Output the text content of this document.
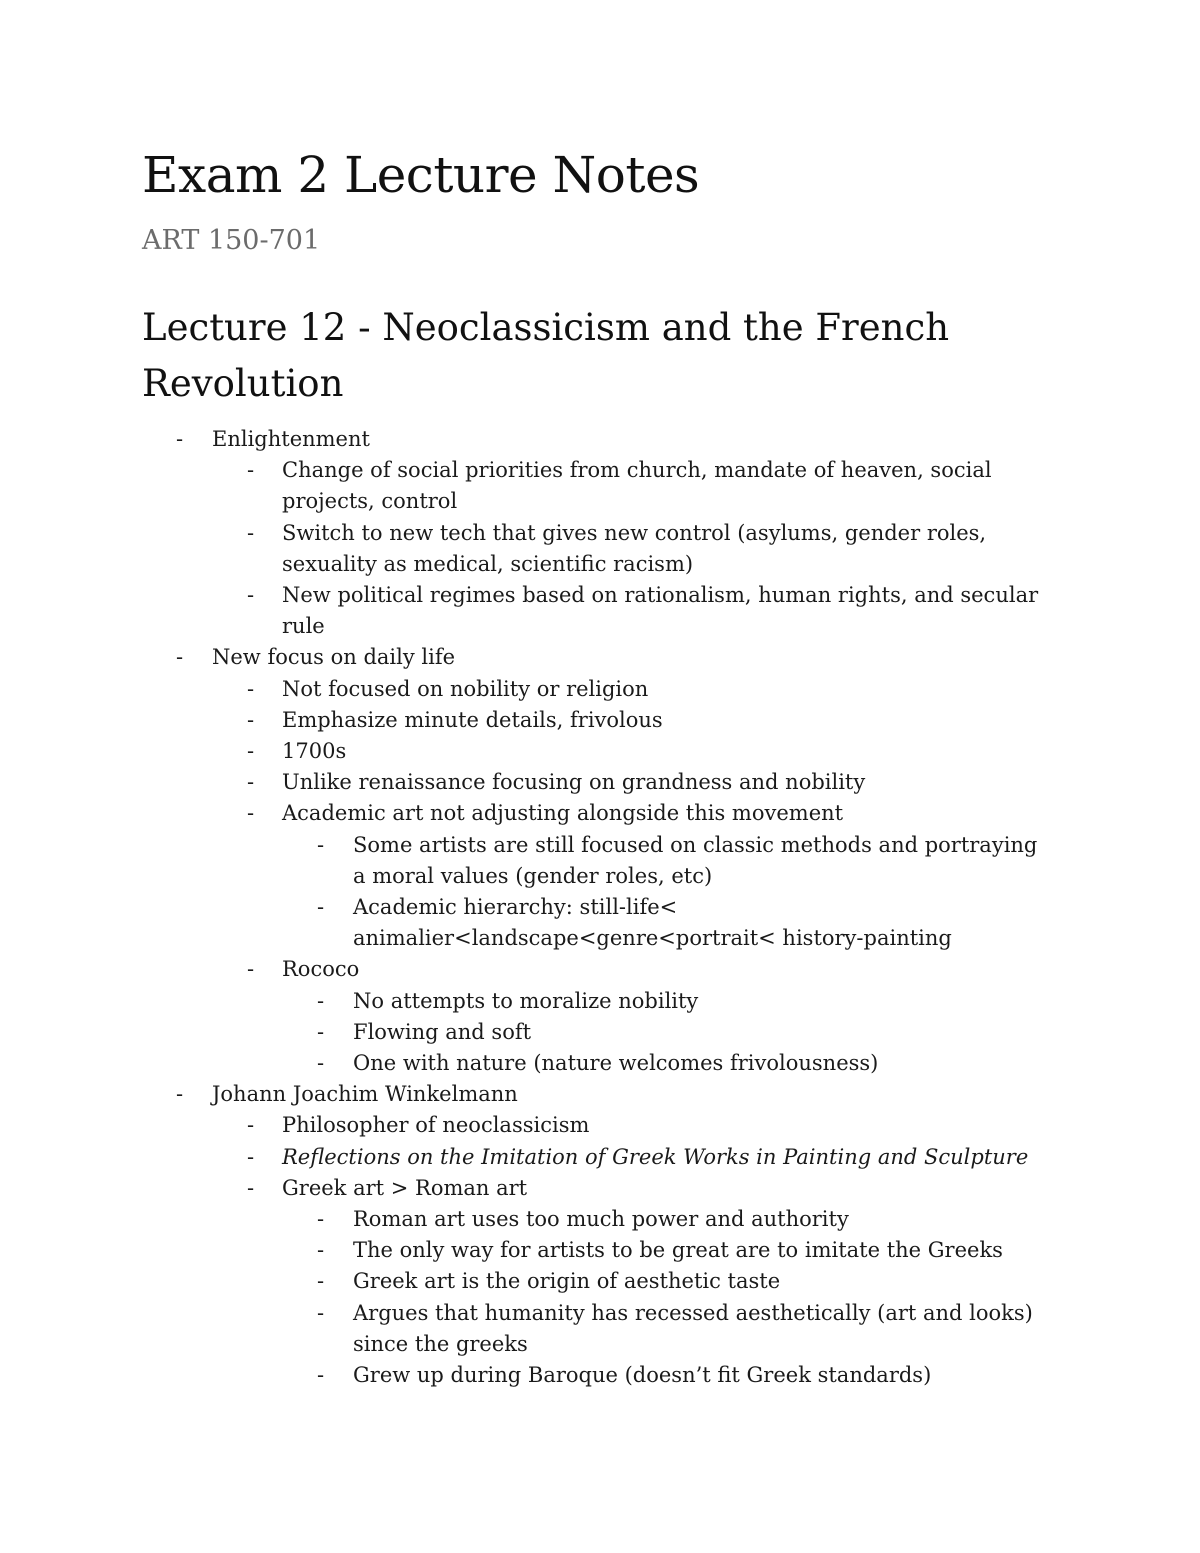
Exam 2 Lecture Notes
ART 150-701
Lecture 12 - Neoclassicism and the French Revolution
- Enlightenment
- Change of social priorities from church, mandate of heaven, social projects, control
- Switch to new tech that gives new control (asylums, gender roles, sexuality as medical, scientific racism)
- New political regimes based on rationalism, human rights, and secular rule
- New focus on daily life
- Not focused on nobility or religion
- Emphasize minute details, frivolous
- 1700s
- Unlike renaissance focusing on grandness and nobility
- Academic art not adjusting alongside this movement
- Some artists are still focused on classic methods and portraying a moral values (gender roles, etc)
- Academic hierarchy: still-life< animalier<landscape<genre<portrait< history-painting
- Rococo
- No attempts to moralize nobility
- Flowing and soft
- One with nature (nature welcomes frivolousness)
- Johann Joachim Winkelmann
- Philosopher of neoclassicism
- Reflections on the Imitation of Greek Works in Painting and Sculpture
- Greek art > Roman art
- Roman art uses too much power and authority
- The only way for artists to be great are to imitate the Greeks
- Greek art is the origin of aesthetic taste
- Argues that humanity has recessed aesthetically (art and looks) since the greeks
- Grew up during Baroque (doesn’t fit Greek standards)
